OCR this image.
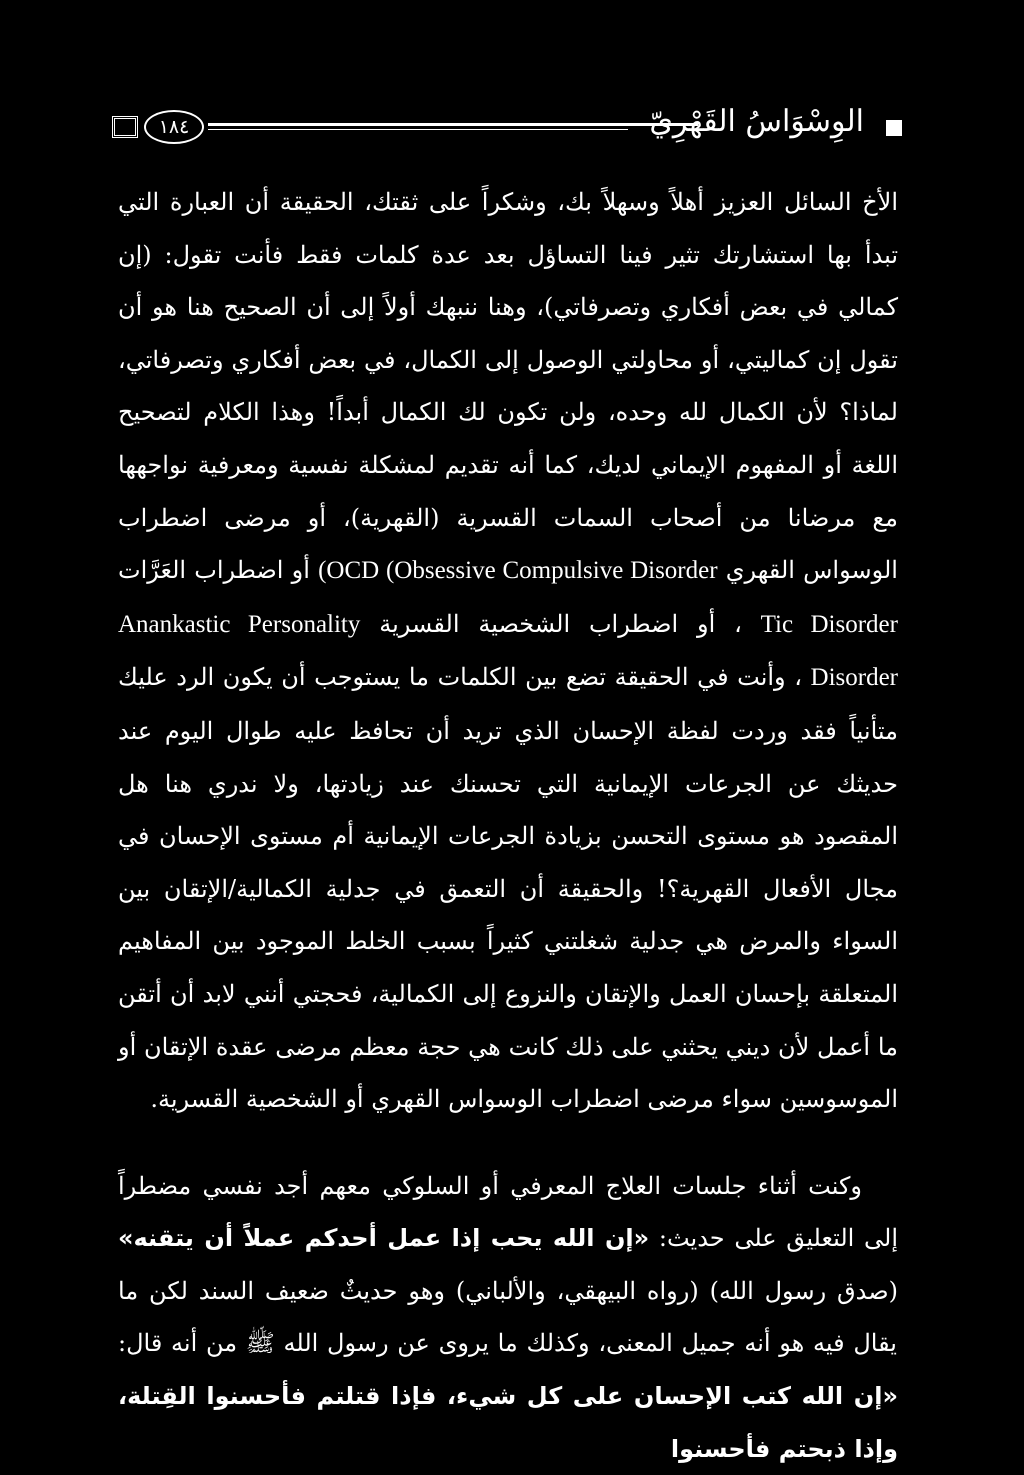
١٨٤	الوِسْوَاسُ القَهْرِيّ

الأخ السائل العزيز أهلاً وسهلاً بك، وشكراً على ثقتك، الحقيقة أن العبارة التي تبدأ بها استشارتك تثير فينا التساؤل بعد عدة كلمات فقط فأنت تقول: (إن كمالي في بعض أفكاري وتصرفاتي)، وهنا ننبهك أولاً إلى أن الصحيح هنا هو أن تقول إن كماليتي، أو محاولتي الوصول إلى الكمال، في بعض أفكاري وتصرفاتي، لماذا؟ لأن الكمال لله وحده، ولن تكون لك الكمال أبداً! وهذا الكلام لتصحيح اللغة أو المفهوم الإيماني لديك، كما أنه تقديم لمشكلة نفسية ومعرفية نواجهها مع مرضانا من أصحاب السمات القسرية (القهرية)، أو مرضى اضطراب الوسواس القهري (OCD (Obsessive Compulsive Disorder أو اضطراب العَرَّات Tic Disorder ، أو اضطراب الشخصية القسرية Anankastic Personality Disorder ، وأنت في الحقيقة تضع بين الكلمات ما يستوجب أن يكون الرد عليك متأنياً فقد وردت لفظة الإحسان الذي تريد أن تحافظ عليه طوال اليوم عند حديثك عن الجرعات الإيمانية التي تحسنك عند زيادتها، ولا ندري هنا هل المقصود هو مستوى التحسن بزيادة الجرعات الإيمانية أم مستوى الإحسان في مجال الأفعال القهرية؟! والحقيقة أن التعمق في جدلية الكمالية/الإتقان بين السواء والمرض هي جدلية شغلتني كثيراً بسبب الخلط الموجود بين المفاهيم المتعلقة بإحسان العمل والإتقان والنزوع إلى الكمالية، فحجتي أنني لابد أن أتقن ما أعمل لأن ديني يحثني على ذلك كانت هي حجة معظم مرضى عقدة الإتقان أو الموسوسين سواء مرضى اضطراب الوسواس القهري أو الشخصية القسرية.

وكنت أثناء جلسات العلاج المعرفي أو السلوكي معهم أجد نفسي مضطراً إلى التعليق على حديث: «إن الله يحب إذا عمل أحدكم عملاً أن يتقنه» (صدق رسول الله) (رواه البيهقي، والألباني) وهو حديثٌ ضعيف السند لكن ما يقال فيه هو أنه جميل المعنى، وكذلك ما يروى عن رسول الله ﷺ من أنه قال: «إن الله كتب الإحسان على كل شيء، فإذا قتلتم فأحسنوا القِتلة، وإذا ذبحتم فأحسنوا
